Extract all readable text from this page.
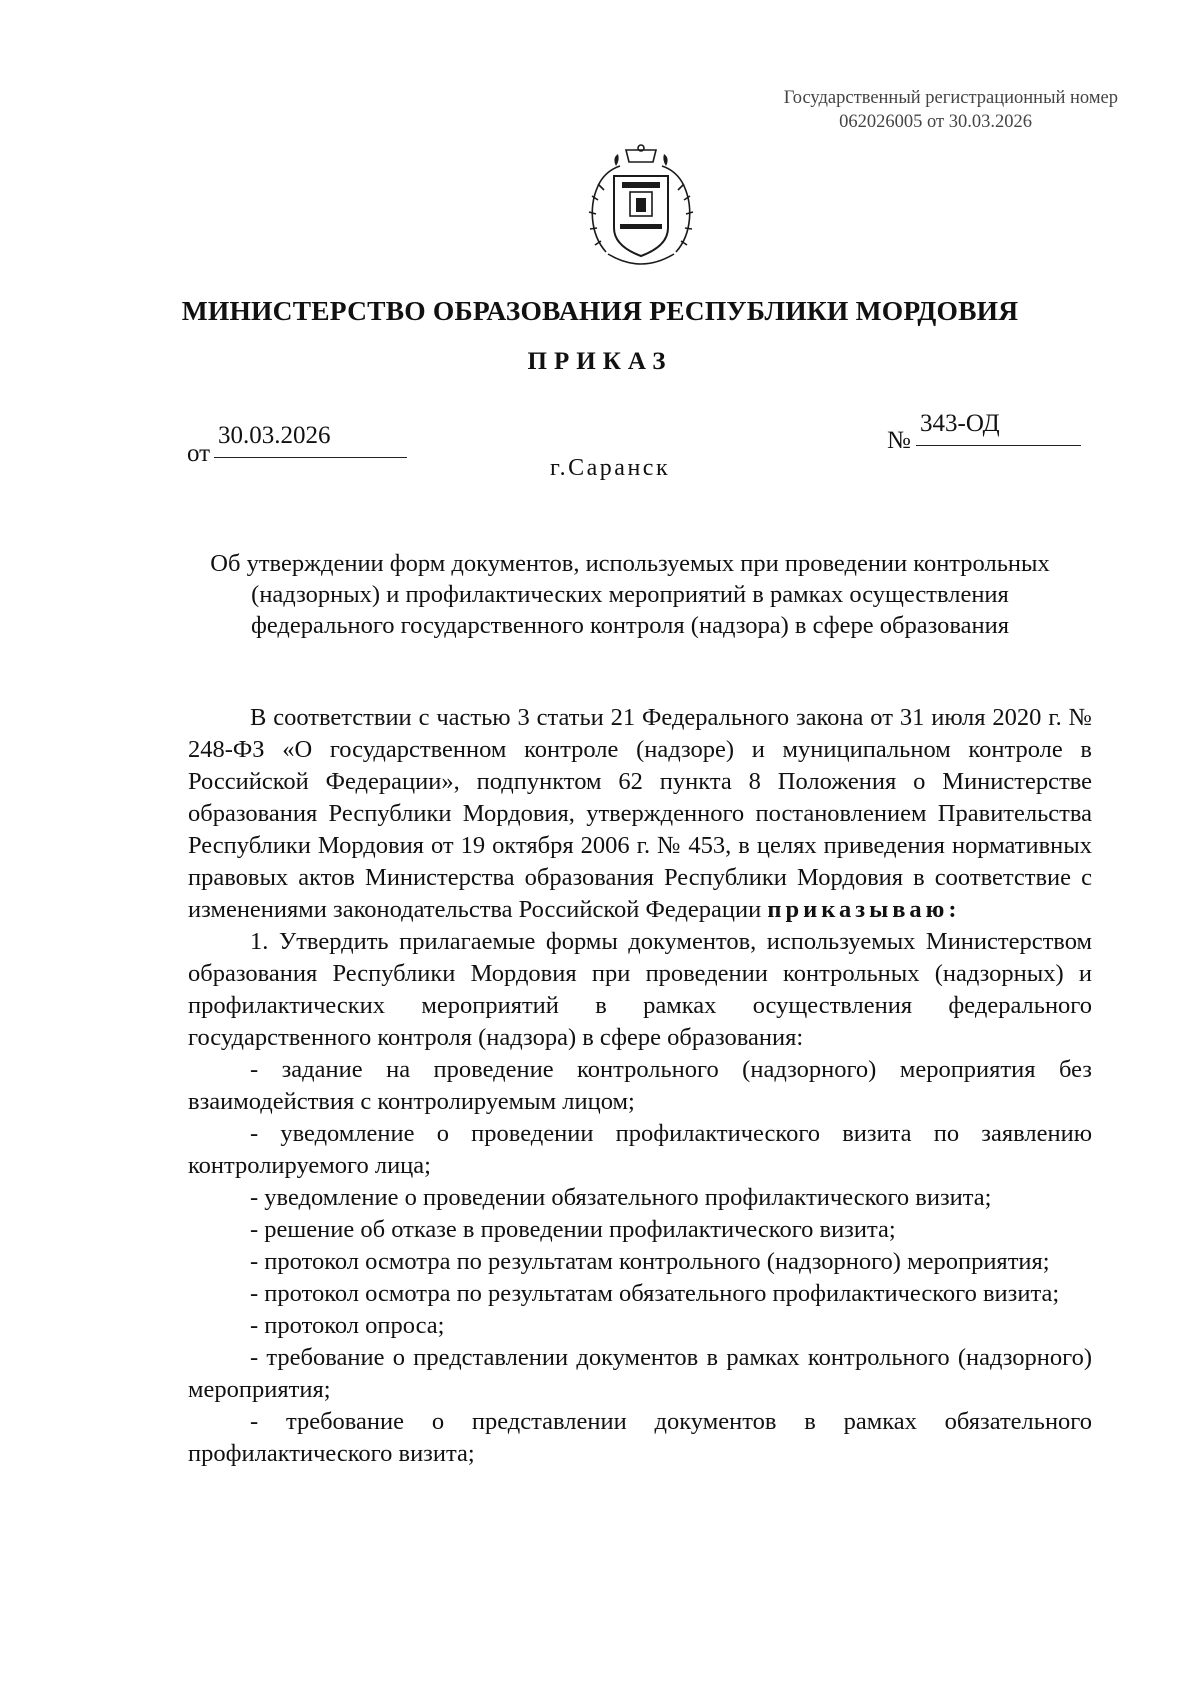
Государственный регистрационный номер
062026005 от 30.03.2026
МИНИСТЕРСТВО ОБРАЗОВАНИЯ РЕСПУБЛИКИ МОРДОВИЯ
ПРИКАЗ
от
30.03.2026	№
343-ОД
г.Саранск
Об утверждении форм документов, используемых при проведении контрольных (надзорных) и профилактических мероприятий в рамках осуществления федерального государственного контроля (надзора) в сфере образования

В соответствии с частью 3 статьи 21 Федерального закона от 31 июля 2020 г. № 248-ФЗ «О государственном контроле (надзоре) и муниципальном контроле в Российской Федерации», подпунктом 62 пункта 8 Положения о Министерстве образования Республики Мордовия, утвержденного постановлением Правительства Республики Мордовия от 19 октября 2006 г. № 453, в целях приведения нормативных правовых актов Министерства образования Республики Мордовия в соответствие с изменениями законодательства Российской Федерации приказываю:

1. Утвердить прилагаемые формы документов, используемых Министерством образования Республики Мордовия при проведении контрольных (надзорных) и профилактических мероприятий в рамках осуществления федерального государственного контроля (надзора) в сфере образования:

- задание на проведение контрольного (надзорного) мероприятия без взаимодействия с контролируемым лицом;
- уведомление о проведении профилактического визита по заявлению контролируемого лица;
- уведомление о проведении обязательного профилактического визита;
- решение об отказе в проведении профилактического визита;
- протокол осмотра по результатам контрольного (надзорного) мероприятия;
- протокол осмотра по результатам обязательного профилактического визита;
- протокол опроса;
- требование о представлении документов в рамках контрольного (надзорного) мероприятия;
- требование о представлении документов в рамках обязательного профилактического визита;
